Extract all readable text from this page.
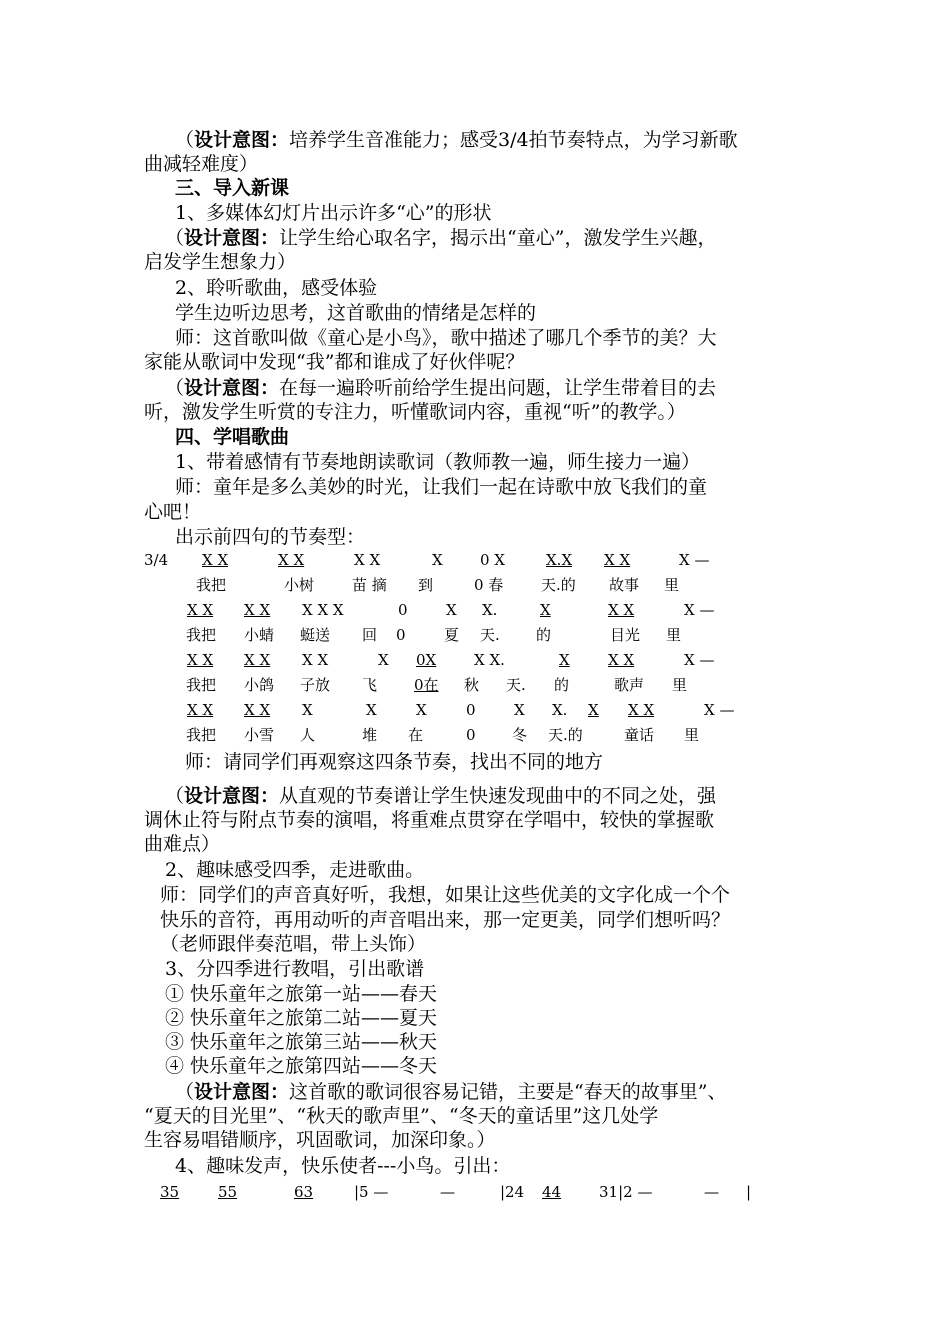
（设计意图：培养学生音准能力；感受3/4拍节奏特点，为学习新歌
曲减轻难度）
三、导入新课
1、多媒体幻灯片出示许多“心”的形状
（设计意图：让学生给心取名字，揭示出“童心”，激发学生兴趣，
启发学生想象力）
2、聆听歌曲，感受体验
学生边听边思考，这首歌曲的情绪是怎样的
师：这首歌叫做《童心是小鸟》，歌中描述了哪几个季节的美？大
家能从歌词中发现“我”都和谁成了好伙伴呢？
（设计意图：在每一遍聆听前给学生提出问题，让学生带着目的去
听，激发学生听赏的专注力，听懂歌词内容，重视“听”的教学。）
四、学唱歌曲
1、带着感情有节奏地朗读歌词（教师教一遍，师生接力一遍）
师：童年是多么美妙的时光，让我们一起在诗歌中放飞我们的童
心吧！
出示前四句的节奏型：
3/4 X X	X X	X X	X 0 X	X.X X X	X —
我把	小树	苗 摘 到	0 春	天.的 故事 里
X X X X X X X	0	X X.	X	X X	X —
我把 小蜻 蜓送 回 0	夏 天. 的	目光 里
X X X X X X	X 0X	X X.	X	X X	X —
我把 小鸽 子放 飞 0在 秋 天. 的	歌声 里
X X X X X	X	X	0	X X. X X X	X —
我把 小雪 人	堆 在	0 冬 天.的	童话 里
师：请同学们再观察这四条节奏，找出不同的地方
（设计意图：从直观的节奏谱让学生快速发现曲中的不同之处，强
调休止符与附点节奏的演唱，将重难点贯穿在学唱中，较快的掌握歌
曲难点）
2、趣味感受四季，走进歌曲。
师：同学们的声音真好听，我想，如果让这些优美的文字化成一个个
快乐的音符，再用动听的声音唱出来，那一定更美，同学们想听吗？
（老师跟伴奏范唱，带上头饰）
3、分四季进行教唱，引出歌谱
① 快乐童年之旅第一站——春天
② 快乐童年之旅第二站——夏天
③ 快乐童年之旅第三站——秋天
④ 快乐童年之旅第四站——冬天
（设计意图：这首歌的歌词很容易记错，主要是“春天的故事里”、
“夏天的目光里”、“秋天的歌声里”、“冬天的童话里”这几处学
生容易唱错顺序，巩固歌词，加深印象。）
4、趣味发声，快乐使者---小鸟。引出：
35	55	63	|5 —	—	|24 44	31|2 —	— |
